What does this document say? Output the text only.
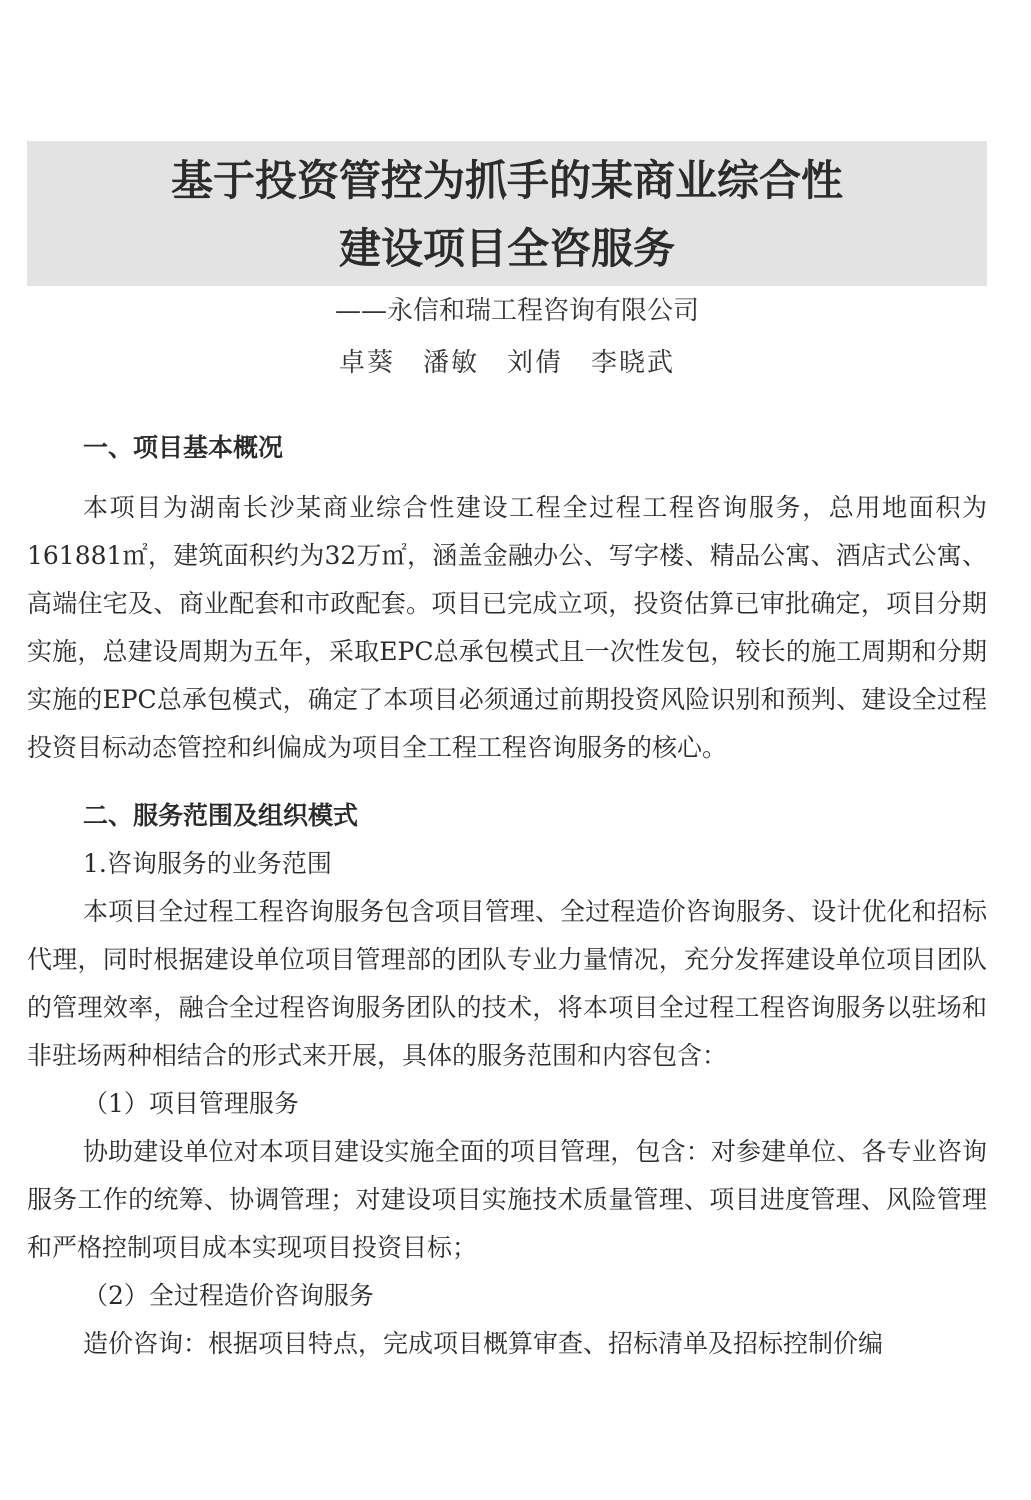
基于投资管控为抓手的某商业综合性
建设项目全咨服务
——永信和瑞工程咨询有限公司
卓葵 潘敏 刘倩 李晓武

一、项目基本概况

本项目为湖南长沙某商业综合性建设工程全过程工程咨询服务，总用地面积为161881㎡，建筑面积约为32万㎡，涵盖金融办公、写字楼、精品公寓、酒店式公寓、高端住宅及、商业配套和市政配套。项目已完成立项，投资估算已审批确定，项目分期实施，总建设周期为五年，采取EPC总承包模式且一次性发包，较长的施工周期和分期实施的EPC总承包模式，确定了本项目必须通过前期投资风险识别和预判、建设全过程投资目标动态管控和纠偏成为项目全工程工程咨询服务的核心。

二、服务范围及组织模式

1.咨询服务的业务范围

本项目全过程工程咨询服务包含项目管理、全过程造价咨询服务、设计优化和招标代理，同时根据建设单位项目管理部的团队专业力量情况，充分发挥建设单位项目团队的管理效率，融合全过程咨询服务团队的技术，将本项目全过程工程咨询服务以驻场和非驻场两种相结合的形式来开展，具体的服务范围和内容包含：

（1）项目管理服务

协助建设单位对本项目建设实施全面的项目管理，包含：对参建单位、各专业咨询服务工作的统筹、协调管理；对建设项目实施技术质量管理、项目进度管理、风险管理和严格控制项目成本实现项目投资目标；

（2）全过程造价咨询服务

造价咨询：根据项目特点，完成项目概算审查、招标清单及招标控制价编
